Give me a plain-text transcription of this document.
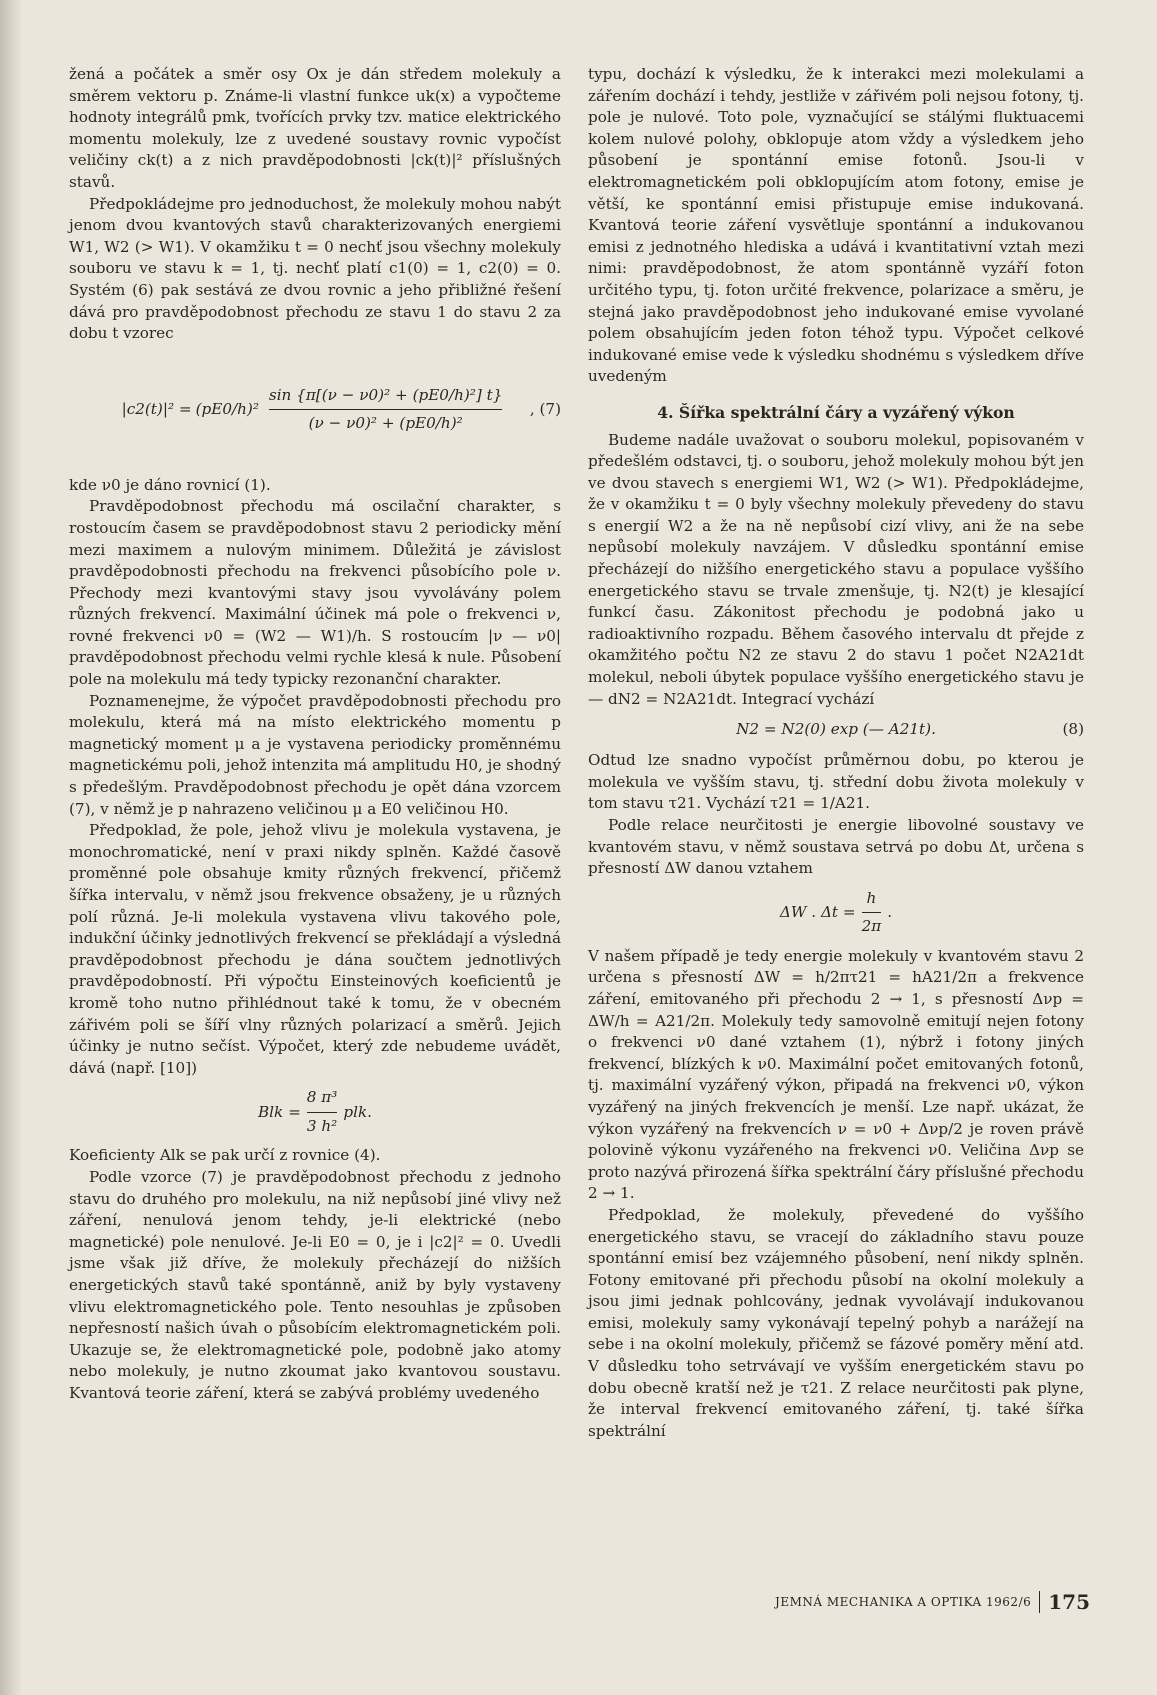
žená a počátek a směr osy Ox je dán středem molekuly a směrem vektoru p. Známe-li vlastní funkce uk(x) a vypočteme hodnoty integrálů pmk, tvořících prvky tzv. matice elektrického momentu molekuly, lze z uvedené soustavy rovnic vypočíst veličiny ck(t) a z nich pravděpodobnosti |ck(t)|² příslušných stavů.

Předpokládejme pro jednoduchost, že molekuly mohou nabýt jenom dvou kvantových stavů charakterizovaných energiemi W1, W2 (> W1). V okamžiku t = 0 nechť jsou všechny molekuly souboru ve stavu k = 1, tj. nechť platí c1(0) = 1, c2(0) = 0. Systém (6) pak sestává ze dvou rovnic a jeho přibližné řešení dává pro pravděpodobnost přechodu ze stavu 1 do stavu 2 za dobu t vzorec

$|c2(t)|^2 = (pE0/h)^2 \frac{\text{sin \{π[(ν − ν0)² + (pE0/h)²] t\}}}{\text{(ν − ν0)² + (pE0/h)²}}$ , (7)

kde ν0 je dáno rovnicí (1).

Pravděpodobnost přechodu má oscilační charakter, s rostoucím časem se pravděpodobnost stavu 2 periodicky mění mezi maximem a nulovým minimem. Důležitá je závislost pravděpodobnosti přechodu na frekvenci působícího pole ν. Přechody mezi kvantovými stavy jsou vyvolávány polem různých frekvencí. Maximální účinek má pole o frekvenci ν, rovné frekvenci ν0 = (W2 — W1)/h. S rostoucím |ν — ν0| pravděpodobnost přechodu velmi rychle klesá k nule. Působení pole na molekulu má tedy typicky rezonanční charakter.

Poznamenejme, že výpočet pravděpodobnosti přechodu pro molekulu, která má na místo elektrického momentu p magnetický moment μ a je vystavena periodicky proměnnému magnetickému poli, jehož intenzita má amplitudu H0, je shodný s předešlým. Pravděpodobnost přechodu je opět dána vzorcem (7), v němž je p nahrazeno veličinou μ a E0 veličinou H0.

Předpoklad, že pole, jehož vlivu je molekula vystavena, je monochromatické, není v praxi nikdy splněn. Každé časově proměnné pole obsahuje kmity různých frekvencí, přičemž šířka intervalu, v němž jsou frekvence obsaženy, je u různých polí různá. Je-li molekula vystavena vlivu takového pole, indukční účinky jednotlivých frekvencí se překládají a výsledná pravděpodobnost přechodu je dána součtem jednotlivých pravděpodobností. Při výpočtu Einsteinových koeficientů je kromě toho nutno přihlédnout také k tomu, že v obecném zářivém poli se šíří vlny různých polarizací a směrů. Jejich účinky je nutno sečíst. Výpočet, který zde nebudeme uvádět, dává (např. [10])

Blk = $\frac{\text{8 π³}}{\text{3 h²}}$ plk.

Koeficienty Alk se pak určí z rovnice (4).

Podle vzorce (7) je pravděpodobnost přechodu z jednoho stavu do druhého pro molekulu, na niž nepůsobí jiné vlivy než záření, nenulová jenom tehdy, je-li elektrické (nebo magnetické) pole nenulové. Je-li E0 = 0, je i |c2|² = 0. Uvedli jsme však již dříve, že molekuly přecházejí do nižších energetických stavů také spontánně, aniž by byly vystaveny vlivu elektromagnetického pole. Tento nesouhlas je způsoben nepřesností našich úvah o působícím elektromagnetickém poli. Ukazuje se, že elektromagnetické pole, podobně jako atomy nebo molekuly, je nutno zkoumat jako kvantovou soustavu. Kvantová teorie záření, která se zabývá problémy uvedeného

typu, dochází k výsledku, že k interakci mezi molekulami a zářením dochází i tehdy, jestliže v zářivém poli nejsou fotony, tj. pole je nulové. Toto pole, vyznačující se stálými fluktuacemi kolem nulové polohy, obklopuje atom vždy a výsledkem jeho působení je spontánní emise fotonů. Jsou-li v elektromagnetickém poli obklopujícím atom fotony, emise je větší, ke spontánní emisi přistupuje emise indukovaná. Kvantová teorie záření vysvětluje spontánní a indukovanou emisi z jednotného hlediska a udává i kvantitativní vztah mezi nimi: pravděpodobnost, že atom spontánně vyzáří foton určitého typu, tj. foton určité frekvence, polarizace a směru, je stejná jako pravděpodobnost jeho indukované emise vyvolané polem obsahujícím jeden foton téhož typu. Výpočet celkové indukované emise vede k výsledku shodnému s výsledkem dříve uvedeným

4. Šířka spektrální čáry a vyzářený výkon

Budeme nadále uvažovat o souboru molekul, popisovaném v předešlém odstavci, tj. o souboru, jehož molekuly mohou být jen ve dvou stavech s energiemi W1, W2 (> W1). Předpokládejme, že v okamžiku t = 0 byly všechny molekuly převedeny do stavu s energií W2 a že na ně nepůsobí cizí vlivy, ani že na sebe nepůsobí molekuly navzájem. V důsledku spontánní emise přecházejí do nižšího energetického stavu a populace vyššího energetického stavu se trvale zmenšuje, tj. N2(t) je klesající funkcí času. Zákonitost přechodu je podobná jako u radioaktivního rozpadu. Během časového intervalu dt přejde z okamžitého počtu N2 ze stavu 2 do stavu 1 počet N2A21dt molekul, neboli úbytek populace vyššího energetického stavu je — dN2 = N2A21dt. Integrací vychází

N2 = N2(0) exp (— A21t).	(8)

Odtud lze snadno vypočíst průměrnou dobu, po kterou je molekula ve vyšším stavu, tj. střední dobu života molekuly v tom stavu τ21. Vychází τ21 = 1/A21.

Podle relace neurčitosti je energie libovolné soustavy ve kvantovém stavu, v němž soustava setrvá po dobu Δt, určena s přesností ΔW danou vztahem

ΔW . $\Delta t = \frac{h}{2\pi}$ .

V našem případě je tedy energie molekuly v kvantovém stavu 2 určena s přesností ΔW = h/2πτ21 = hA21/2π a frekvence záření, emitovaného při přechodu 2 → 1, s přesností Δνp = ΔW/h = A21/2π. Molekuly tedy samovolně emitují nejen fotony o frekvenci ν0 dané vztahem (1), nýbrž i fotony jiných frekvencí, blízkých k ν0. Maximální počet emitovaných fotonů, tj. maximální vyzářený výkon, připadá na frekvenci ν0, výkon vyzářený na jiných frekvencích je menší. Lze např. ukázat, že výkon vyzářený na frekvencích ν = ν0 + Δνp/2 je roven právě polovině výkonu vyzářeného na frekvenci ν0. Veličina Δνp se proto nazývá přirozená šířka spektrální čáry příslušné přechodu 2 → 1.

Předpoklad, že molekuly, převedené do vyššího energetického stavu, se vracejí do základního stavu pouze spontánní emisí bez vzájemného působení, není nikdy splněn. Fotony emitované při přechodu působí na okolní molekuly a jsou jimi jednak pohlcovány, jednak vyvolávají indukovanou emisi, molekuly samy vykonávají tepelný pohyb a narážejí na sebe i na okolní molekuly, přičemž se fázové poměry mění atd. V důsledku toho setrvávají ve vyšším energetickém stavu po dobu obecně kratší než je τ21. Z relace neurčitosti pak plyne, že interval frekvencí emitovaného záření, tj. také šířka spektrální

JEMNÁ MECHANIKA A OPTIKA 1962/6 175
